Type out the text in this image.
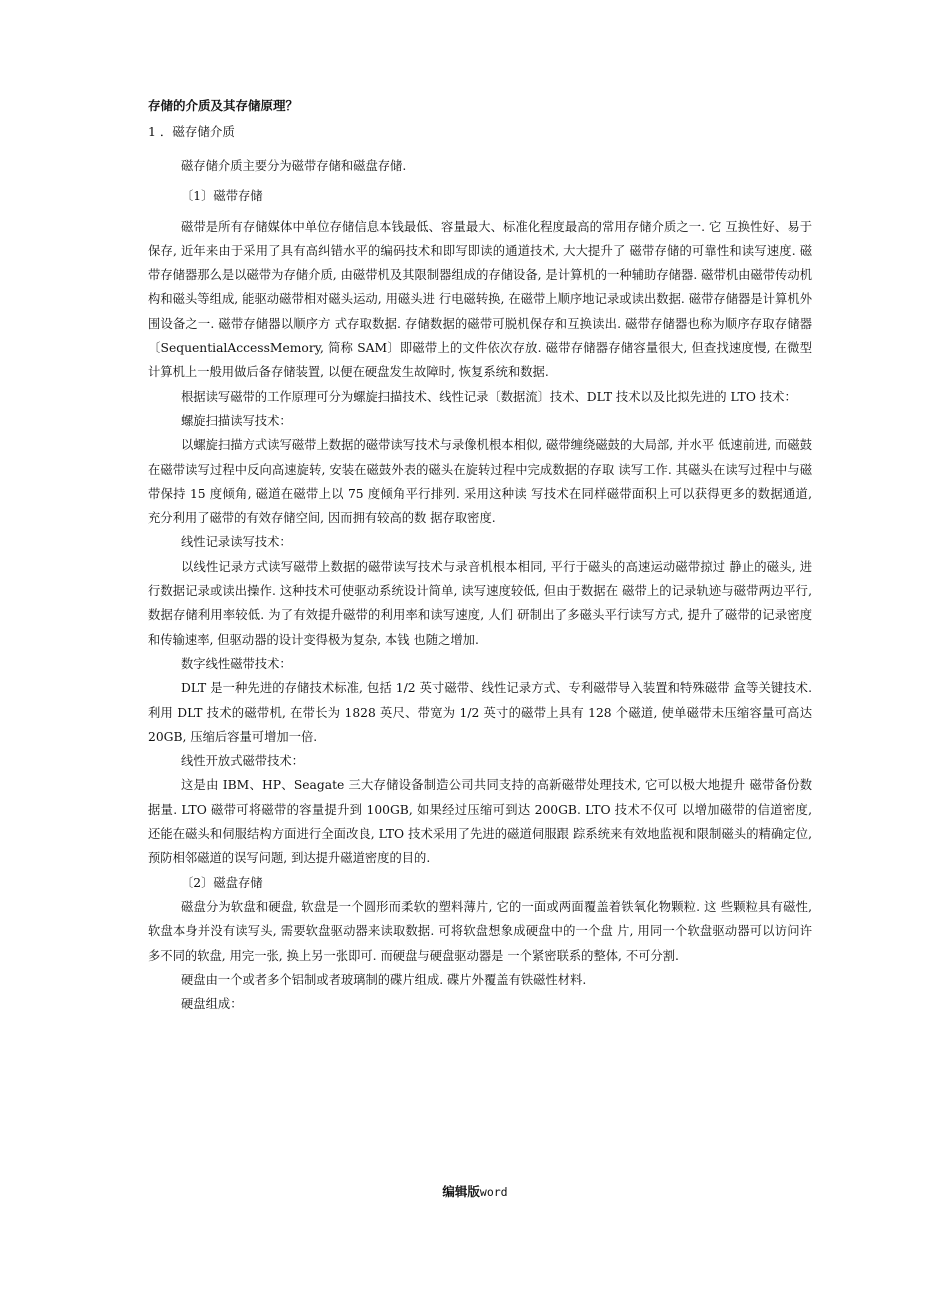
存储的介质及其存储原理？
1 ．磁存储介质

磁存储介质主要分为磁带存储和磁盘存储.

〔1〕磁带存储

磁带是所有存储媒体中单位存储信息本钱最低、容量最大、标准化程度最高的常用存储介质之一. 它 互换性好、易于保存, 近年来由于采用了具有高纠错水平的编码技术和即写即读的通道技术, 大大提升了 磁带存储的可靠性和读写速度. 磁带存储器那么是以磁带为存储介质, 由磁带机及其限制器组成的存储设备, 是计算机的一种辅助存储器. 磁带机由磁带传动机构和磁头等组成, 能驱动磁带相对磁头运动, 用磁头进 行电磁转换, 在磁带上顺序地记录或读出数据. 磁带存储器是计算机外围设备之一. 磁带存储器以顺序方 式存取数据. 存储数据的磁带可脱机保存和互换读出. 磁带存储器也称为顺序存取存储器 〔SequentialAccessMemory, 简称 SAM〕即磁带上的文件依次存放. 磁带存储器存储容量很大, 但查找速度慢, 在微型计算机上一般用做后备存储装置, 以便在硬盘发生故障时, 恢复系统和数据.

根据读写磁带的工作原理可分为螺旋扫描技术、线性记录〔数据流〕技术、DLT 技术以及比拟先进的 LTO 技术：

螺旋扫描读写技术：

以螺旋扫描方式读写磁带上数据的磁带读写技术与录像机根本相似, 磁带缠绕磁鼓的大局部, 并水平 低速前进, 而磁鼓在磁带读写过程中反向高速旋转, 安装在磁鼓外表的磁头在旋转过程中完成数据的存取 读写工作. 其磁头在读写过程中与磁带保持 15 度倾角, 磁道在磁带上以 75 度倾角平行排列. 采用这种读 写技术在同样磁带面积上可以获得更多的数据通道, 充分利用了磁带的有效存储空间, 因而拥有较高的数 据存取密度.

线性记录读写技术：

以线性记录方式读写磁带上数据的磁带读写技术与录音机根本相同, 平行于磁头的高速运动磁带掠过 静止的磁头, 进行数据记录或读出操作. 这种技术可使驱动系统设计简单, 读写速度较低, 但由于数据在 磁带上的记录轨迹与磁带两边平行, 数据存储利用率较低. 为了有效提升磁带的利用率和读写速度, 人们 研制出了多磁头平行读写方式, 提升了磁带的记录密度和传输速率, 但驱动器的设计变得极为复杂, 本钱 也随之增加.

数字线性磁带技术：

DLT 是一种先进的存储技术标准, 包括 1/2 英寸磁带、线性记录方式、专利磁带导入装置和特殊磁带 盒等关键技术. 利用 DLT 技术的磁带机, 在带长为 1828 英尺、带宽为 1/2 英寸的磁带上具有 128 个磁道, 使单磁带未压缩容量可高达 20GB, 压缩后容量可增加一倍.

线性开放式磁带技术：

这是由 IBM、HP、Seagate 三大存储设备制造公司共同支持的高新磁带处理技术, 它可以极大地提升 磁带备份数据量. LTO 磁带可将磁带的容量提升到 100GB, 如果经过压缩可到达 200GB. LTO 技术不仅可 以增加磁带的信道密度, 还能在磁头和伺服结构方面进行全面改良, LTO 技术采用了先进的磁道伺服跟 踪系统来有效地监视和限制磁头的精确定位, 预防相邻磁道的误写问题, 到达提升磁道密度的目的.

〔2〕磁盘存储

磁盘分为软盘和硬盘, 软盘是一个圆形而柔软的塑料薄片, 它的一面或两面覆盖着铁氧化物颗粒. 这 些颗粒具有磁性, 软盘本身并没有读写头, 需要软盘驱动器来读取数据. 可将软盘想象成硬盘中的一个盘 片, 用同一个软盘驱动器可以访问许多不同的软盘, 用完一张, 换上另一张即可. 而硬盘与硬盘驱动器是 一个紧密联系的整体, 不可分割.

硬盘由一个或者多个铝制或者玻璃制的碟片组成. 碟片外覆盖有铁磁性材料.

硬盘组成：
编辑版word
